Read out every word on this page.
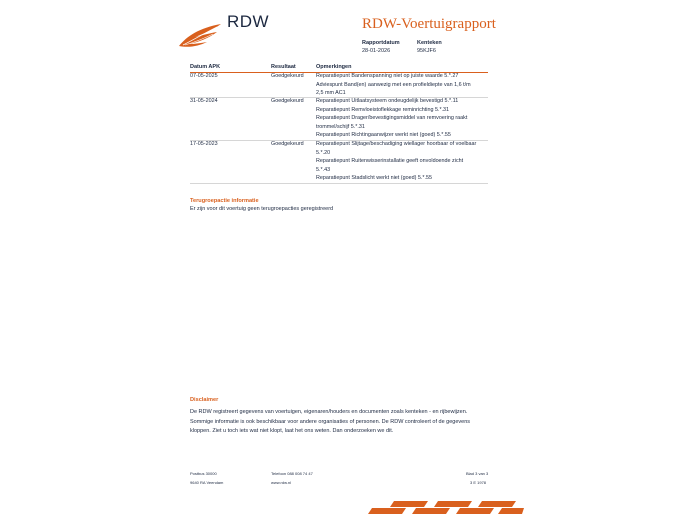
RDW	RDW-Voertuigrapport
Rapportdatum
28-01-2026
Kenteken
95KJF6
Datum APK	Resultaat	Opmerkingen
07-05-2025	Goedgekeurd Reparatiepunt Bandenspanning niet op juiste waarde 5.*.27
Adviespunt Band(en) aanwezig met een profieldiepte van 1,6 t/m
2,5 mm AC1
31-05-2024	Goedgekeurd Reparatiepunt Uitlaatsysteem ondeugdelijk bevestigd 5.*.11
Reparatiepunt Remvloeistoflekkage reminrichting 5.*.31
Reparatiepunt Drager/bevestigingsmiddel van remvoering raakt
trommel/schijf 5.*.31
Reparatiepunt Richtingaanwijzer werkt niet (goed) 5.*.55
17-05-2023	Goedgekeurd Reparatiepunt Slijtage/beschadiging wiellager hoorbaar of voelbaar
5.*.20
Reparatiepunt Ruitenwisserinstallatie geeft onvoldoende zicht
5.*.43
Reparatiepunt Stadslicht werkt niet (goed) 5.*.55
Terugroepactie informatie
Er zijn voor dit voertuig geen terugroepacties geregistreerd
Disclaimer
De RDW registreert gegevens van voertuigen, eigenaren/houders en documenten zoals kenteken - en rijbewijzen.
Sommige informatie is ook beschikbaar voor andere organisaties of personen. De RDW controleert of de gegevens
kloppen. Ziet u toch iets wat niet klopt, laat het ons weten. Dan onderzoeken we dit.
Postbus 30000
9640 RA Veendam
Telefoon 088 008 74 47
www.rdw.nl
Blad 3 van 3
3 E 1978
